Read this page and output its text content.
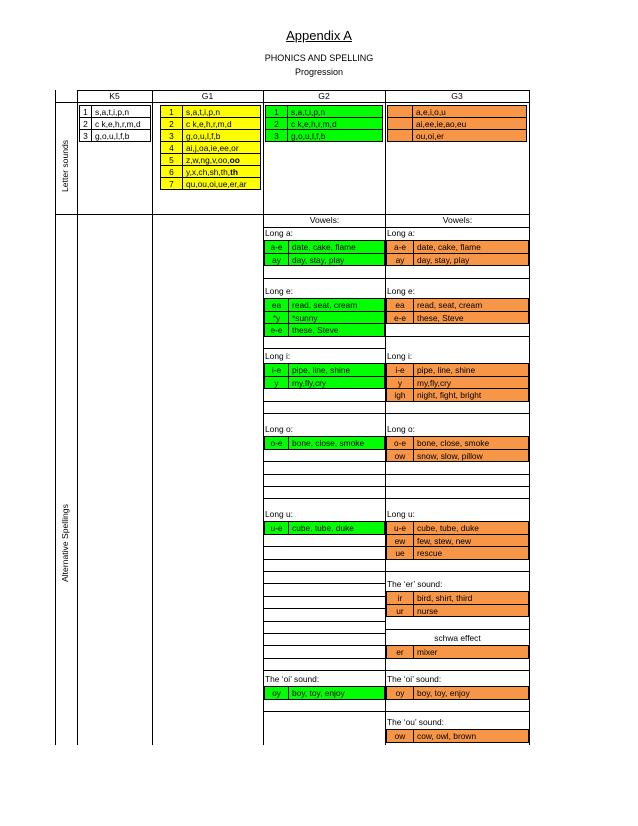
Appendix A
PHONICS AND SPELLING
Progression
K5	G1	G2	G3
Letter sounds
Alternative Spellings
1 s,a,t,i,p,n
2 c k,e,h,r,m,d
3 g,o,u,l,f,b
1	s,a,t,i,p,n
2	c k,e,h,r,m,d
3	g,o,u,l,f,b
4	ai,j,oa,ie,ee,or
5	z,w,ng,v,oo,oo
6	y,x,ch,sh,th,th
7	qu,ou,oi,ue,er,ar
1	s,a,t,i,p,n
2	c k,e,h,r,m,d
3	g,o,u,l,f,b
a,e,i,o,u
ai,ee,ie,ao,eu
ou,oi,er
Vowels:
Long a:
a-e	date, cake, flame
ay	day, stay, play
Long e:
ea	read, seat, cream
*y	*sunny
e-e	these, Steve
Long i:
i-e	pipe, line, shine
y	my,fly,cry
Long o:
o-e	bone, close, smoke
Long u:
u-e	cube, tube, duke
The ‘oi’ sound:
oy	boy, toy, enjoy
Vowels:
Long a:
a-e	date, cake, flame
ay	day, stay, play
Long e:
ea	read, seat, cream
e-e	these, Steve
Long i:
i-e	pipe, line, shine
y	my,fly,cry
igh	night, fight, bright
Long o:
o-e	bone, close, smoke
ow	snow, slow, pillow
Long u:
u-e	cube, tube, duke
ew	few, stew, new
ue	rescue
The ‘er’ sound:
ir	bird, shirt, third
ur	nurse
schwa effect
er	mixer
The ‘oi’ sound:
oy	boy, toy, enjoy
The ‘ou’ sound:
ow	cow, owl, brown
